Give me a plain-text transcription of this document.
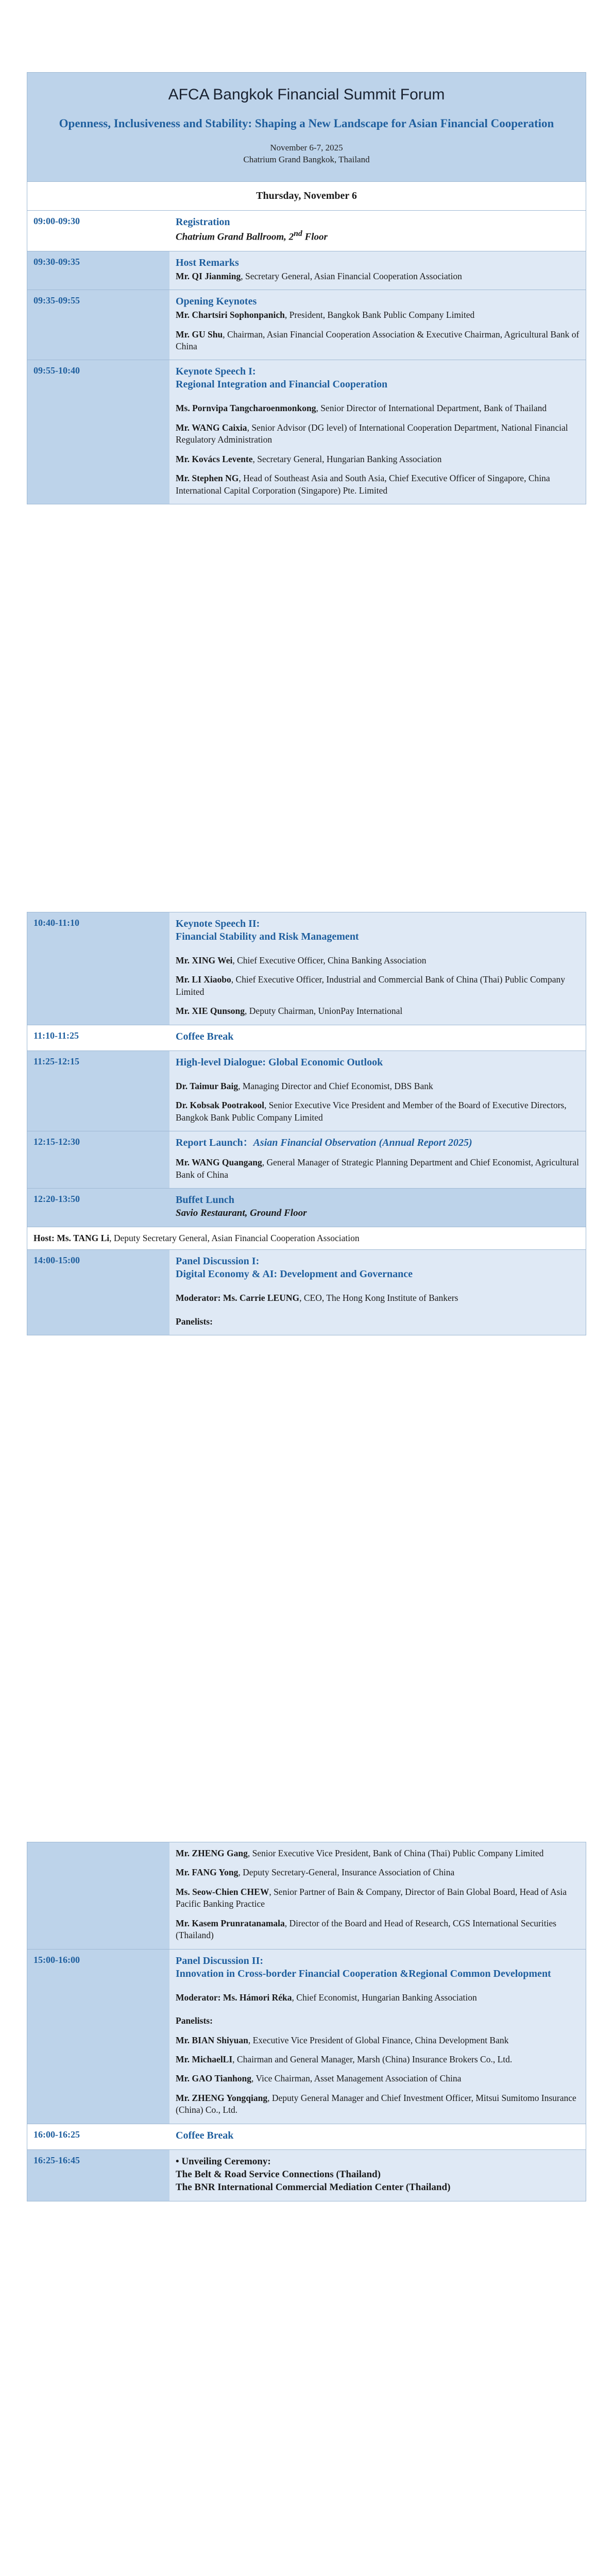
AFCA Bangkok Financial Summit Forum
Openness, Inclusiveness and Stability: Shaping a New Landscape for Asian Financial Cooperation
November 6-7, 2025
Chatrium Grand Bangkok, Thailand
Thursday, November 6
09:00-09:30	Registration
Chatrium Grand Ballroom, 2nd Floor
09:30-09:35	Host Remarks
Mr. QI Jianming, Secretary General, Asian Financial Cooperation Association
09:35-09:55	Opening Keynotes
Mr. Chartsiri Sophonpanich, President, Bangkok Bank Public Company Limited
Mr. GU Shu, Chairman, Asian Financial Cooperation Association & Executive Chairman, Agricultural Bank of China
09:55-10:40	Keynote Speech I:
Regional Integration and Financial Cooperation
Ms. Pornvipa Tangcharoenmonkong, Senior Director of International Department, Bank of Thailand
Mr. WANG Caixia, Senior Advisor (DG level) of International Cooperation Department, National Financial Regulatory Administration
Mr. Kovács Levente, Secretary General, Hungarian Banking Association
Mr. Stephen NG, Head of Southeast Asia and South Asia, Chief Executive Officer of Singapore, China International Capital Corporation (Singapore) Pte. Limited
10:40-11:10	Keynote Speech II:
Financial Stability and Risk Management
Mr. XING Wei, Chief Executive Officer, China Banking Association
Mr. LI Xiaobo, Chief Executive Officer, Industrial and Commercial Bank of China (Thai) Public Company Limited
Mr. XIE Qunsong, Deputy Chairman, UnionPay International
11:10-11:25	Coffee Break
11:25-12:15	High-level Dialogue: Global Economic Outlook
Dr. Taimur Baig, Managing Director and Chief Economist, DBS Bank
Dr. Kobsak Pootrakool, Senior Executive Vice President and Member of the Board of Executive Directors, Bangkok Bank Public Company Limited
12:15-12:30	Report Launch：Asian Financial Observation (Annual Report 2025)
Mr. WANG Quangang, General Manager of Strategic Planning Department and Chief Economist, Agricultural Bank of China
12:20-13:50	Buffet Lunch
Savio Restaurant, Ground Floor
Host: Ms. TANG Li, Deputy Secretary General, Asian Financial Cooperation Association
14:00-15:00	Panel Discussion I:
Digital Economy & AI: Development and Governance
Moderator: Ms. Carrie LEUNG, CEO, The Hong Kong Institute of Bankers
Panelists:
Mr. ZHENG Gang, Senior Executive Vice President, Bank of China (Thai) Public Company Limited
Mr. FANG Yong, Deputy Secretary-General, Insurance Association of China
Ms. Seow-Chien CHEW, Senior Partner of Bain & Company, Director of Bain Global Board, Head of Asia Pacific Banking Practice
Mr. Kasem Prunratanamala, Director of the Board and Head of Research, CGS International Securities (Thailand)
15:00-16:00	Panel Discussion II:
Innovation in Cross-border Financial Cooperation &Regional Common Development
Moderator: Ms. Hámori Réka, Chief Economist, Hungarian Banking Association
Panelists:
Mr. BIAN Shiyuan, Executive Vice President of Global Finance, China Development Bank
Mr. MichaelLI, Chairman and General Manager, Marsh (China) Insurance Brokers Co., Ltd.
Mr. GAO Tianhong, Vice Chairman, Asset Management Association of China
Mr. ZHENG Yongqiang, Deputy General Manager and Chief Investment Officer, Mitsui Sumitomo Insurance (China) Co., Ltd.
16:00-16:25	Coffee Break
16:25-16:45	• Unveiling Ceremony:
The Belt & Road Service Connections (Thailand)
The BNR International Commercial Mediation Center (Thailand)
